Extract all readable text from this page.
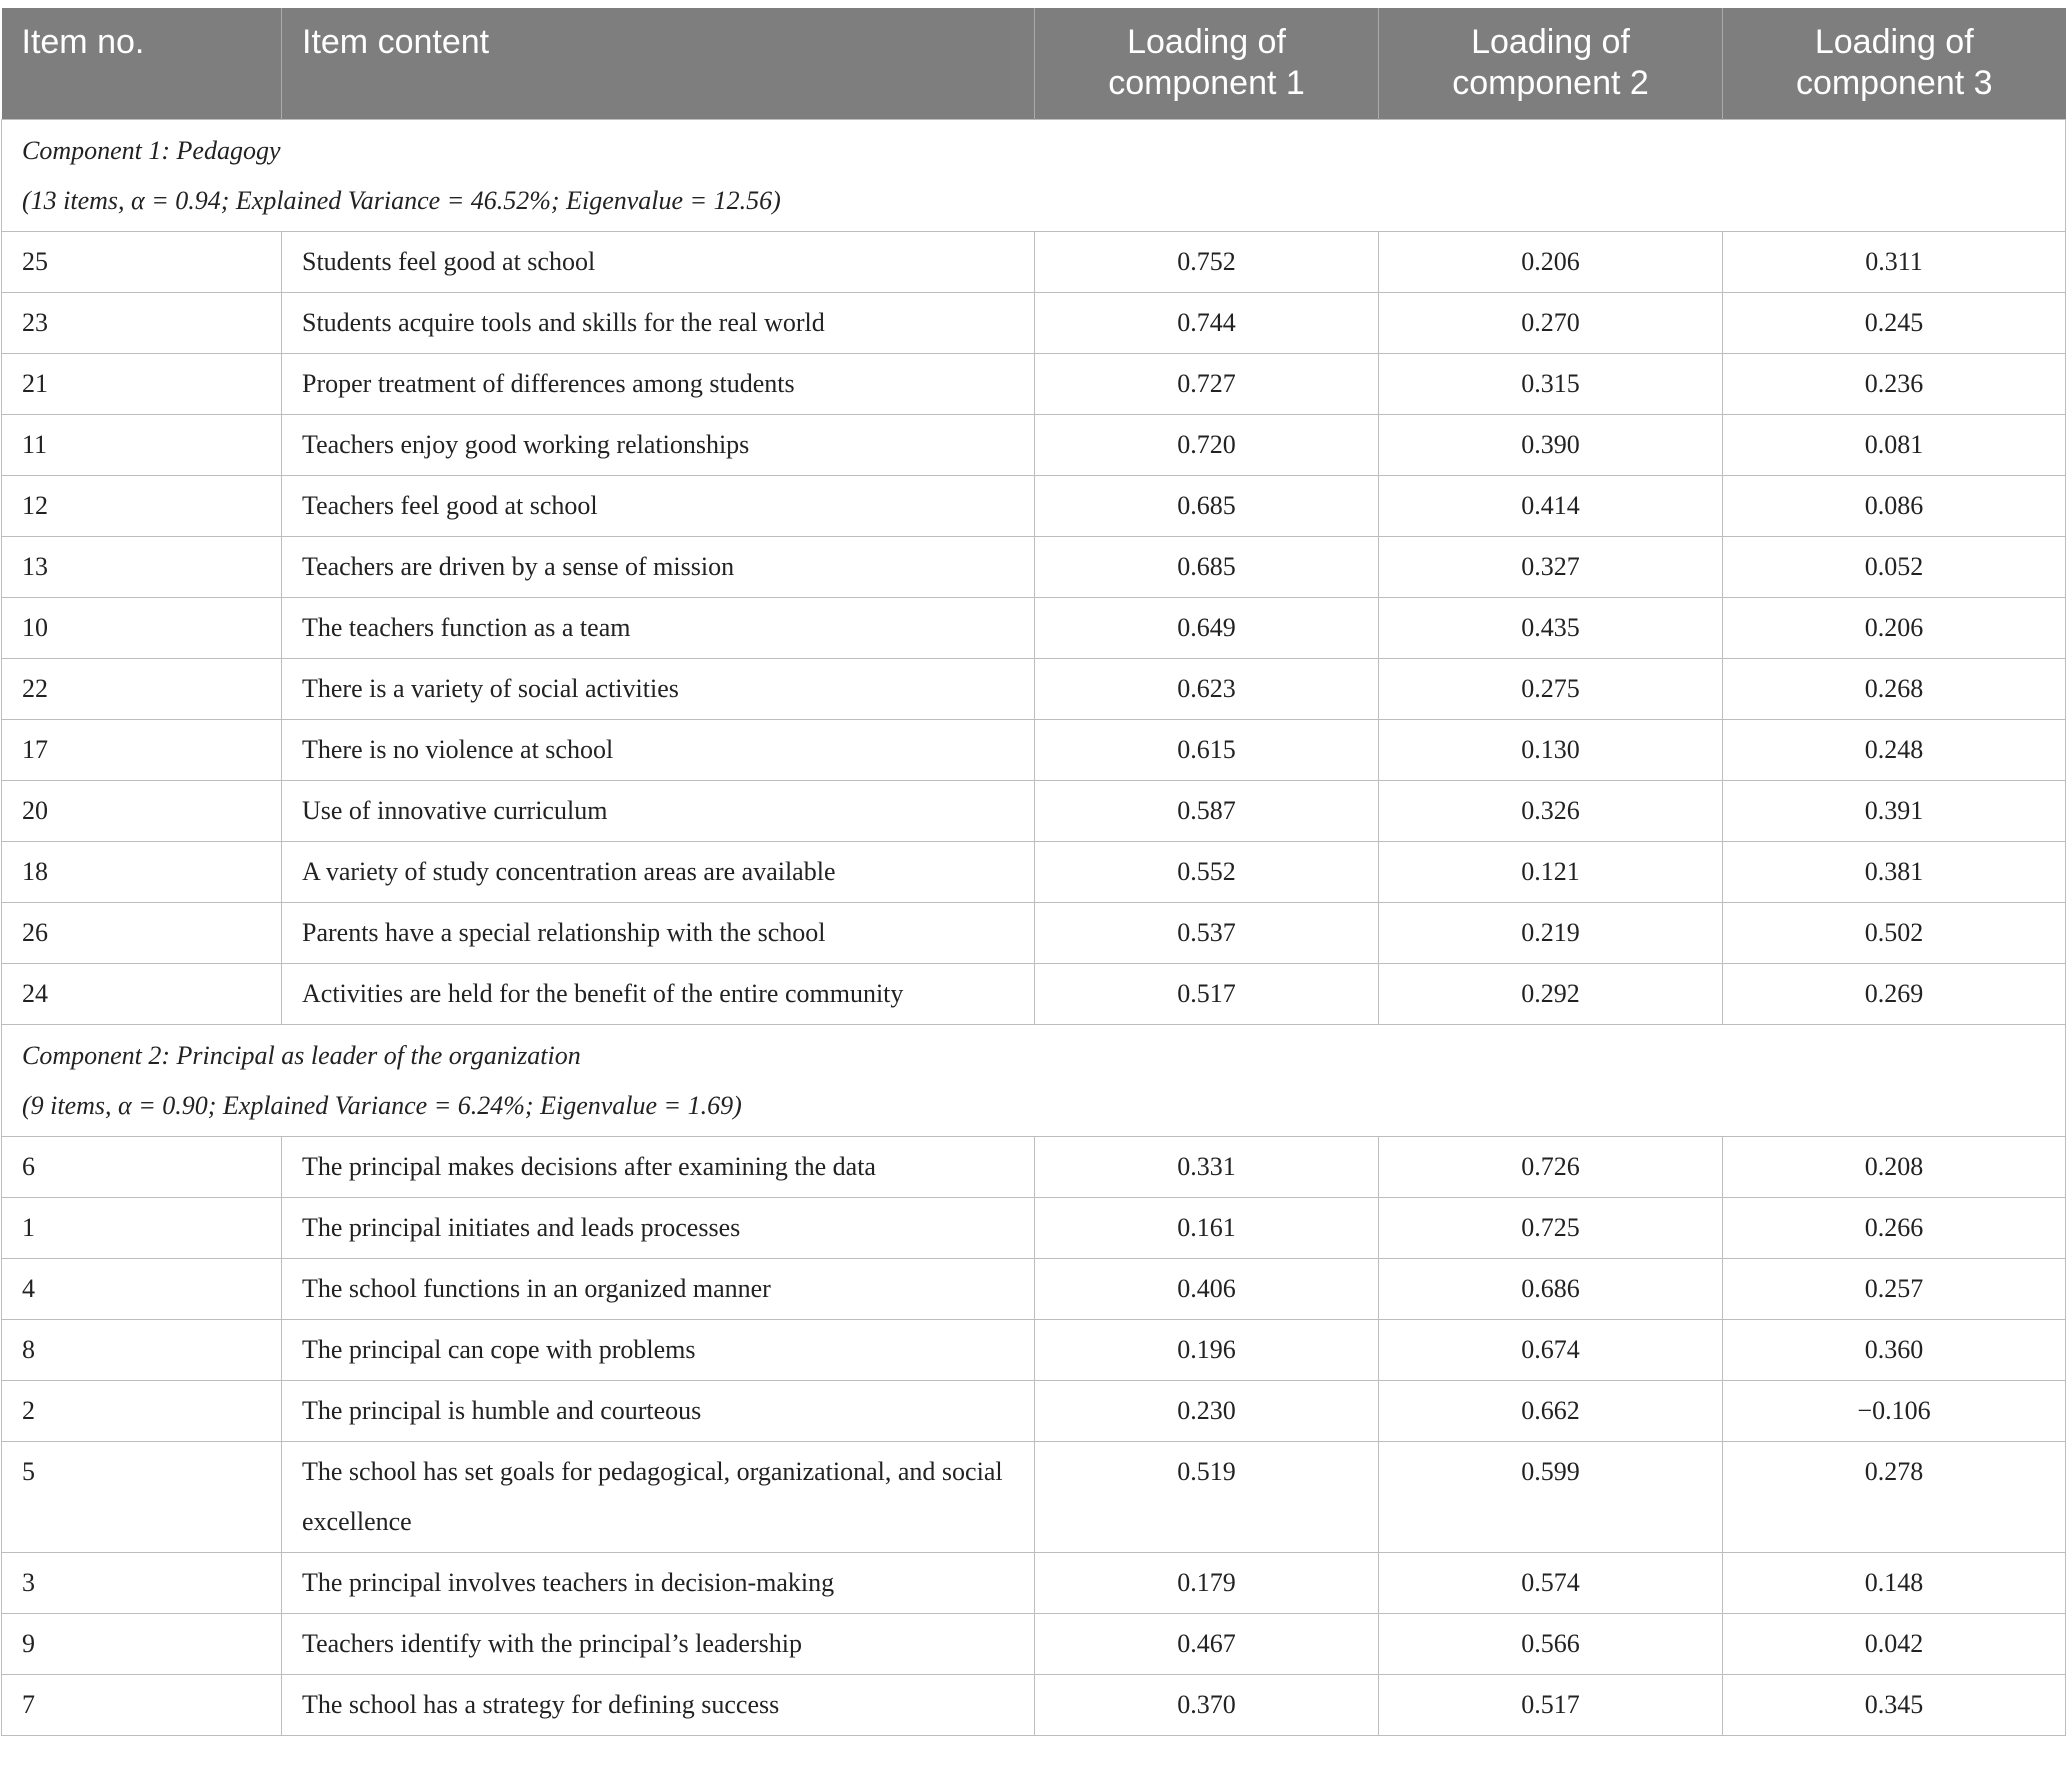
Item no.	Item content	Loading of component 1	Loading of component 2	Loading of component 3

Component 1: Pedagogy
(13 items, α = 0.94; Explained Variance = 46.52%; Eigenvalue = 12.56)				

25	Students feel good at school	0.752	0.206	0.311
23	Students acquire tools and skills for the real world	0.744	0.270	0.245
21	Proper treatment of differences among students	0.727	0.315	0.236
11	Teachers enjoy good working relationships	0.720	0.390	0.081
12	Teachers feel good at school	0.685	0.414	0.086
13	Teachers are driven by a sense of mission	0.685	0.327	0.052
10	The teachers function as a team	0.649	0.435	0.206
22	There is a variety of social activities	0.623	0.275	0.268
17	There is no violence at school	0.615	0.130	0.248
20	Use of innovative curriculum	0.587	0.326	0.391
18	A variety of study concentration areas are available	0.552	0.121	0.381
26	Parents have a special relationship with the school	0.537	0.219	0.502
24	Activities are held for the benefit of the entire community	0.517	0.292	0.269

Component 2: Principal as leader of the organization
(9 items, α = 0.90; Explained Variance = 6.24%; Eigenvalue = 1.69)				

6	The principal makes decisions after examining the data	0.331	0.726	0.208
1	The principal initiates and leads processes	0.161	0.725	0.266
4	The school functions in an organized manner	0.406	0.686	0.257
8	The principal can cope with problems	0.196	0.674	0.360
2	The principal is humble and courteous	0.230	0.662	−0.106
5	The school has set goals for pedagogical, organizational, and social excellence	0.519	0.599	0.278
3	The principal involves teachers in decision-making	0.179	0.574	0.148
9	Teachers identify with the principal’s leadership	0.467	0.566	0.042
7	The school has a strategy for defining success	0.370	0.517	0.345
